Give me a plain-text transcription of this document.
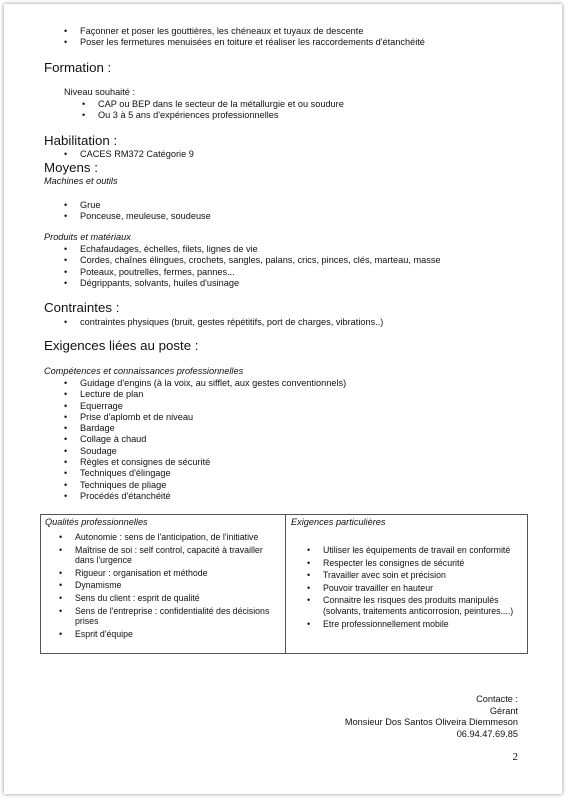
• Façonner et poser les gouttières, les chéneaux et tuyaux de descente
• Poser les fermetures menuisées en toiture et réaliser les raccordements d'étanchéité
Formation :
Niveau souhaité :
• CAP ou BEP dans le secteur de la métallurgie et ou soudure
• Ou 3 à 5 ans d'expériences professionnelles
Habilitation :
• CACES RM372 Catégorie 9
Moyens :
Machines et outils
• Grue
• Ponceuse, meuleuse, soudeuse
Produits et matériaux
• Echafaudages, échelles, filets, lignes de vie
• Cordes, chaînes élingues, crochets, sangles, palans, crics, pinces, clés, marteau, masse
• Poteaux, poutrelles, fermes, pannes...
• Dégrippants, solvants, huiles d'usinage
Contraintes :
• contraintes physiques (bruit, gestes répétitifs, port de charges, vibrations..)
Exigences liées au poste :
Compétences et connaissances professionnelles
• Guidage d'engins (à la voix, au sifflet, aux gestes conventionnels)
• Lecture de plan
• Equerrage
• Prise d'aplomb et de niveau
• Bardage
• Collage à chaud
• Soudage
• Règles et consignes de sécurité
• Techniques d'élingage
• Techniques de pliage
• Procédés d'étanchéité
Qualités professionnelles
• Autonomie : sens de l'anticipation, de l'initiative
• Maîtrise de soi : self control, capacité à travailler dans l'urgence
• Rigueur : organisation et méthode
• Dynamisme
• Sens du client : esprit de qualité
• Sens de l'entreprise : confidentialité des décisions prises
• Esprit d'équipe
Exigences particulières
• Utiliser les équipements de travail en conformité
• Respecter les consignes de sécurité
• Travailler avec soin et précision
• Pouvoir travailler en hauteur
• Connaitre les risques des produits manipulés (solvants, traitements anticorrosion, peintures....)
• Etre professionnellement mobile
Contacte :
Gérant
Monsieur Dos Santos Oliveira Diemmeson
06.94.47.69.85
2
